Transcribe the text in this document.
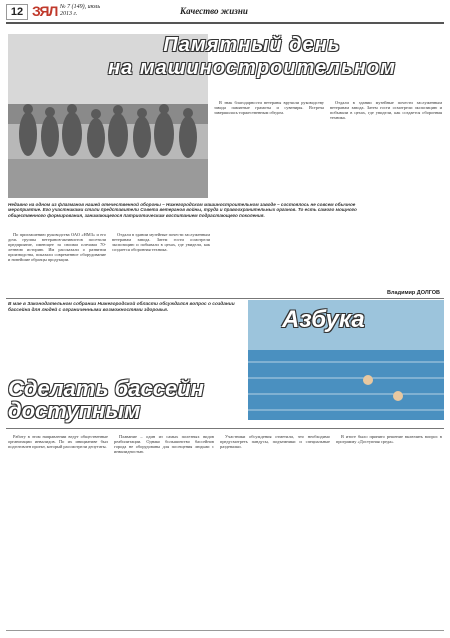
12 ЗЯЛ № 7 (149), июль 2013 г.	Качество жизни
Памятный день
на машиностроительном
Недавно на одном из флагманов нашей отечественной обороны – Нижегородском машиностроительном заводе – состоялось не совсем обычное мероприятие. Его участниками стали представители Совета ветеранов войны, труда и правоохранительных органов. То есть самого мощного общественного формирования, занимающегося патриотическим воспитанием подрастающего поколения.

По приглашению руководства ОАО «НМЗ» и его дочь группы ветеранов-активистов посетили предприятие, имеющее за своими плечами 70-летнюю историю. Им рассказали о развитии производства, показали современное оборудование и новейшие образцы продукции.

Отдали в здании музейные почести заслуженным ветеранам завода. Затем гости осмотрели экспозицию и побывали в цехах, где увидели, как создается оборонная техника.

В знак благодарности ветераны вручили руководству завода памятные грамоты и сувениры. Встреча завершилась торжественным обедом.

Отдали в здании музейные почести заслуженным ветеранам завода. Затем гости осмотрели экспозицию и побывали в цехах, где увидели, как создается оборонная техника.

Владимир ДОЛГОВ
В мае в Законодательном собрании Нижегородской области обсуждался вопрос о создании бассейна для людей с ограниченными возможностями здоровья.	Азбука
Сделать бассейн
доступным

Работу в этом направлении ведут общественные организации инвалидов. По их инициативе был подготовлен проект, который рассмотрели депутаты.

Плавание – один из самых полезных видов реабилитации. Однако большинство бассейнов города не оборудованы для посещения людьми с инвалидностью.

Участники обсуждения отметили, что необходимо предусмотреть пандусы, подъемники и специальные раздевалки.

В итоге было принято решение включить вопрос в программу «Доступная среда».
